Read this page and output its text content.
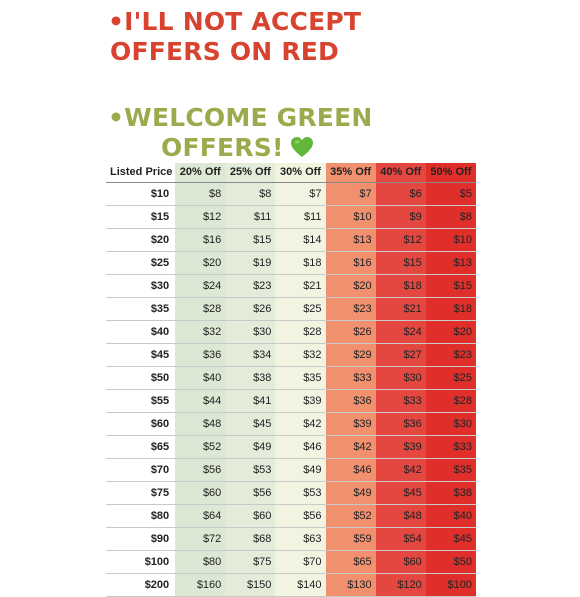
•I'LL NOT ACCEPT
OFFERS ON RED
•WELCOME GREEN
OFFERS!
Listed Price	20% Off	25% Off	30% Off	35% Off	40% Off	50% Off
$10	$8	$8	$7	$7	$6	$5
$15	$12	$11	$11	$10	$9	$8
$20	$16	$15	$14	$13	$12	$10
$25	$20	$19	$18	$16	$15	$13
$30	$24	$23	$21	$20	$18	$15
$35	$28	$26	$25	$23	$21	$18
$40	$32	$30	$28	$26	$24	$20
$45	$36	$34	$32	$29	$27	$23
$50	$40	$38	$35	$33	$30	$25
$55	$44	$41	$39	$36	$33	$28
$60	$48	$45	$42	$39	$36	$30
$65	$52	$49	$46	$42	$39	$33
$70	$56	$53	$49	$46	$42	$35
$75	$60	$56	$53	$49	$45	$38
$80	$64	$60	$56	$52	$48	$40
$90	$72	$68	$63	$59	$54	$45
$100	$80	$75	$70	$65	$60	$50
$200	$160	$150	$140	$130	$120	$100
